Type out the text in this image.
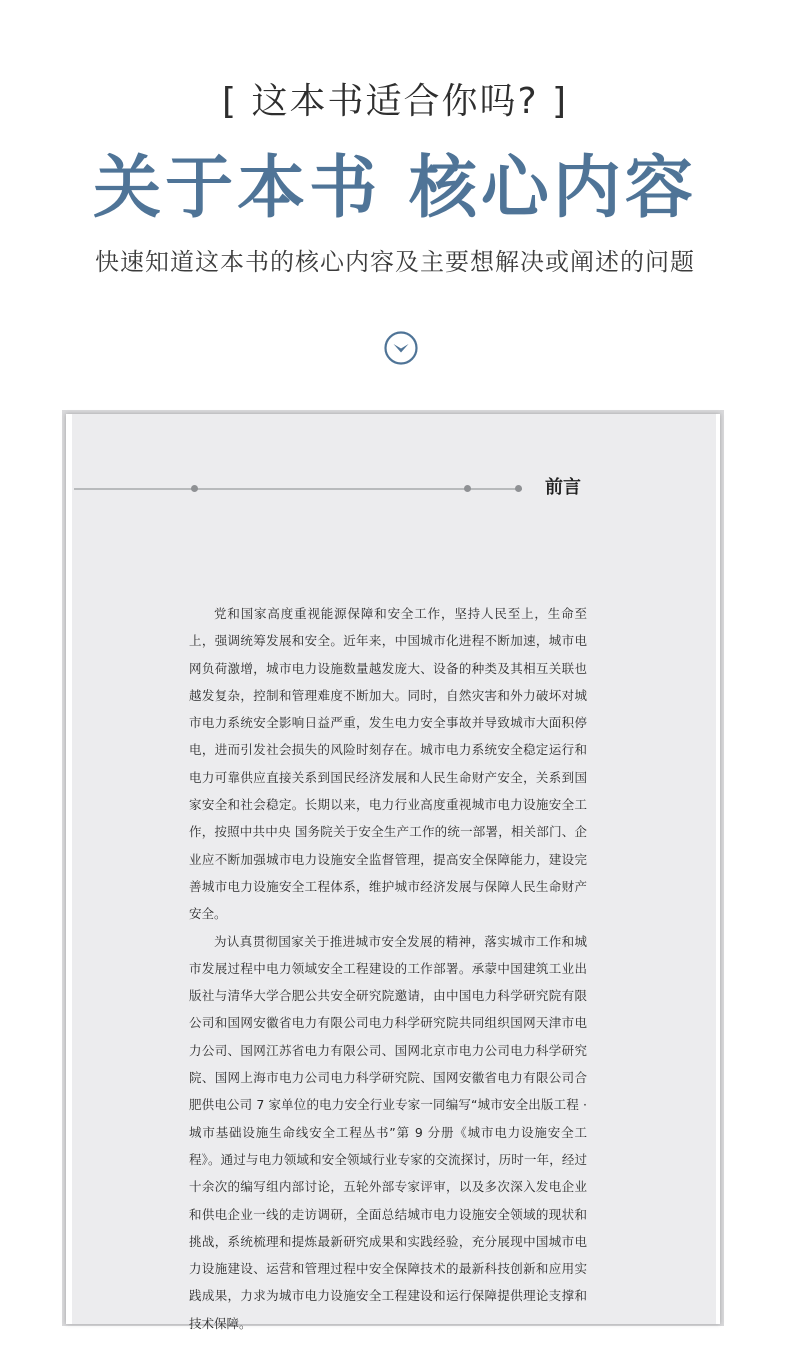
[ 这本书适合你吗? ]
关于本书 核心内容
快速知道这本书的核心内容及主要想解决或阐述的问题
前言

党和国家高度重视能源保障和安全工作，坚持人民至上，生命至上，强调统筹发展和安全。近年来，中国城市化进程不断加速，城市电网负荷激增，城市电力设施数量越发庞大、设备的种类及其相互关联也越发复杂，控制和管理难度不断加大。同时，自然灾害和外力破坏对城市电力系统安全影响日益严重，发生电力安全事故并导致城市大面积停电，进而引发社会损失的风险时刻存在。城市电力系统安全稳定运行和电力可靠供应直接关系到国民经济发展和人民生命财产安全，关系到国家安全和社会稳定。长期以来，电力行业高度重视城市电力设施安全工作，按照中共中央 国务院关于安全生产工作的统一部署，相关部门、企业应不断加强城市电力设施安全监督管理，提高安全保障能力，建设完善城市电力设施安全工程体系，维护城市经济发展与保障人民生命财产安全。

为认真贯彻国家关于推进城市安全发展的精神，落实城市工作和城市发展过程中电力领域安全工程建设的工作部署。承蒙中国建筑工业出版社与清华大学合肥公共安全研究院邀请，由中国电力科学研究院有限公司和国网安徽省电力有限公司电力科学研究院共同组织国网天津市电力公司、国网江苏省电力有限公司、国网北京市电力公司电力科学研究院、国网上海市电力公司电力科学研究院、国网安徽省电力有限公司合肥供电公司 7 家单位的电力安全行业专家一同编写“城市安全出版工程 · 城市基础设施生命线安全工程丛书”第 9 分册《城市电力设施安全工程》。通过与电力领域和安全领域行业专家的交流探讨，历时一年，经过十余次的编写组内部讨论，五轮外部专家评审，以及多次深入发电企业和供电企业一线的走访调研，全面总结城市电力设施安全领域的现状和挑战，系统梳理和提炼最新研究成果和实践经验，充分展现中国城市电力设施建设、运营和管理过程中安全保障技术的最新科技创新和应用实践成果，力求为城市电力设施安全工程建设和运行保障提供理论支撑和技术保障。
